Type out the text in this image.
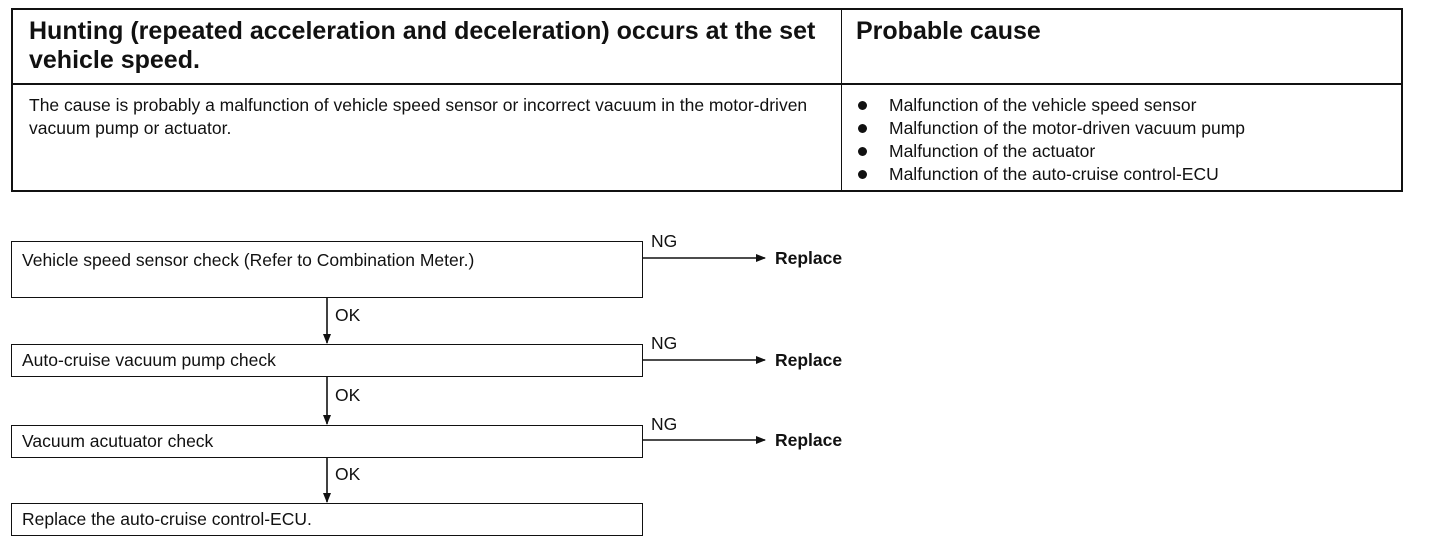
Hunting (repeated acceleration and deceleration) occurs at the set vehicle speed.
Probable cause
The cause is probably a malfunction of vehicle speed sensor or incorrect vacuum in the motor-driven vacuum pump or actuator.
Malfunction of the vehicle speed sensor
Malfunction of the motor-driven vacuum pump
Malfunction of the actuator
Malfunction of the auto-cruise control-ECU
Vehicle speed sensor check (Refer to Combination Meter.)
NG
Replace
OK
Auto-cruise vacuum pump check
NG
Replace
OK
Vacuum acutuator check
NG
Replace
OK
Replace the auto-cruise control-ECU.
